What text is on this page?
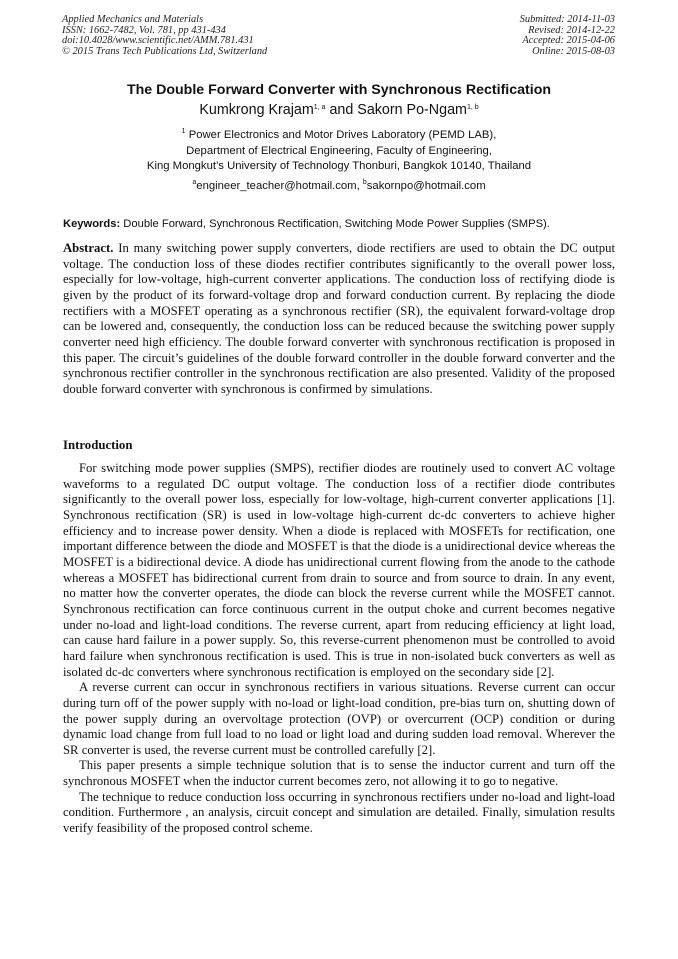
Applied Mechanics and Materials
ISSN: 1662-7482, Vol. 781, pp 431-434
doi:10.4028/www.scientific.net/AMM.781.431
© 2015 Trans Tech Publications Ltd, Switzerland
Submitted: 2014-11-03
Revised: 2014-12-22
Accepted: 2015-04-06
Online: 2015-08-03
The Double Forward Converter with Synchronous Rectification
Kumkrong Krajam$^{1, a}$ and Sakorn Po-Ngam$^{1, b}$
$^1$ Power Electronics and Motor Drives Laboratory (PEMD LAB),
Department of Electrical Engineering, Faculty of Engineering,
King Mongkut’s University of Technology Thonburi, Bangkok 10140, Thailand
$^a$engineer_teacher@hotmail.com, $^b$sakornpo@hotmail.com
Keywords: Double Forward, Synchronous Rectification, Switching Mode Power Supplies (SMPS).

Abstract. In many switching power supply converters, diode rectifiers are used to obtain the DC output voltage. The conduction loss of these diodes rectifier contributes significantly to the overall power loss, especially for low-voltage, high-current converter applications. The conduction loss of rectifying diode is given by the product of its forward-voltage drop and forward conduction current. By replacing the diode rectifiers with a MOSFET operating as a synchronous rectifier (SR), the equivalent forward-voltage drop can be lowered and, consequently, the conduction loss can be reduced because the switching power supply converter need high efficiency. The double forward converter with synchronous rectification is proposed in this paper. The circuit’s guidelines of the double forward controller in the double forward converter and the synchronous rectifier controller in the synchronous rectification are also presented. Validity of the proposed double forward converter with synchronous is confirmed by simulations.

Introduction

For switching mode power supplies (SMPS), rectifier diodes are routinely used to convert AC voltage waveforms to a regulated DC output voltage. The conduction loss of a rectifier diode contributes significantly to the overall power loss, especially for low-voltage, high-current converter applications [1]. Synchronous rectification (SR) is used in low-voltage high-current dc-dc converters to achieve higher efficiency and to increase power density. When a diode is replaced with MOSFETs for rectification, one important difference between the diode and MOSFET is that the diode is a unidirectional device whereas the MOSFET is a bidirectional device. A diode has unidirectional current flowing from the anode to the cathode whereas a MOSFET has bidirectional current from drain to source and from source to drain. In any event, no matter how the converter operates, the diode can block the reverse current while the MOSFET cannot. Synchronous rectification can force continuous current in the output choke and current becomes negative under no-load and light-load conditions. The reverse current, apart from reducing efficiency at light load, can cause hard failure in a power supply. So, this reverse-current phenomenon must be controlled to avoid hard failure when synchronous rectification is used. This is true in non-isolated buck converters as well as isolated dc-dc converters where synchronous rectification is employed on the secondary side [2].

A reverse current can occur in synchronous rectifiers in various situations. Reverse current can occur during turn off of the power supply with no-load or light-load condition, pre-bias turn on, shutting down of the power supply during an overvoltage protection (OVP) or overcurrent (OCP) condition or during dynamic load change from full load to no load or light load and during sudden load removal. Wherever the SR converter is used, the reverse current must be controlled carefully [2].

This paper presents a simple technique solution that is to sense the inductor current and turn off the synchronous MOSFET when the inductor current becomes zero, not allowing it to go to negative.

The technique to reduce conduction loss occurring in synchronous rectifiers under no-load and light-load condition. Furthermore , an analysis, circuit concept and simulation are detailed. Finally, simulation results verify feasibility of the proposed control scheme.
